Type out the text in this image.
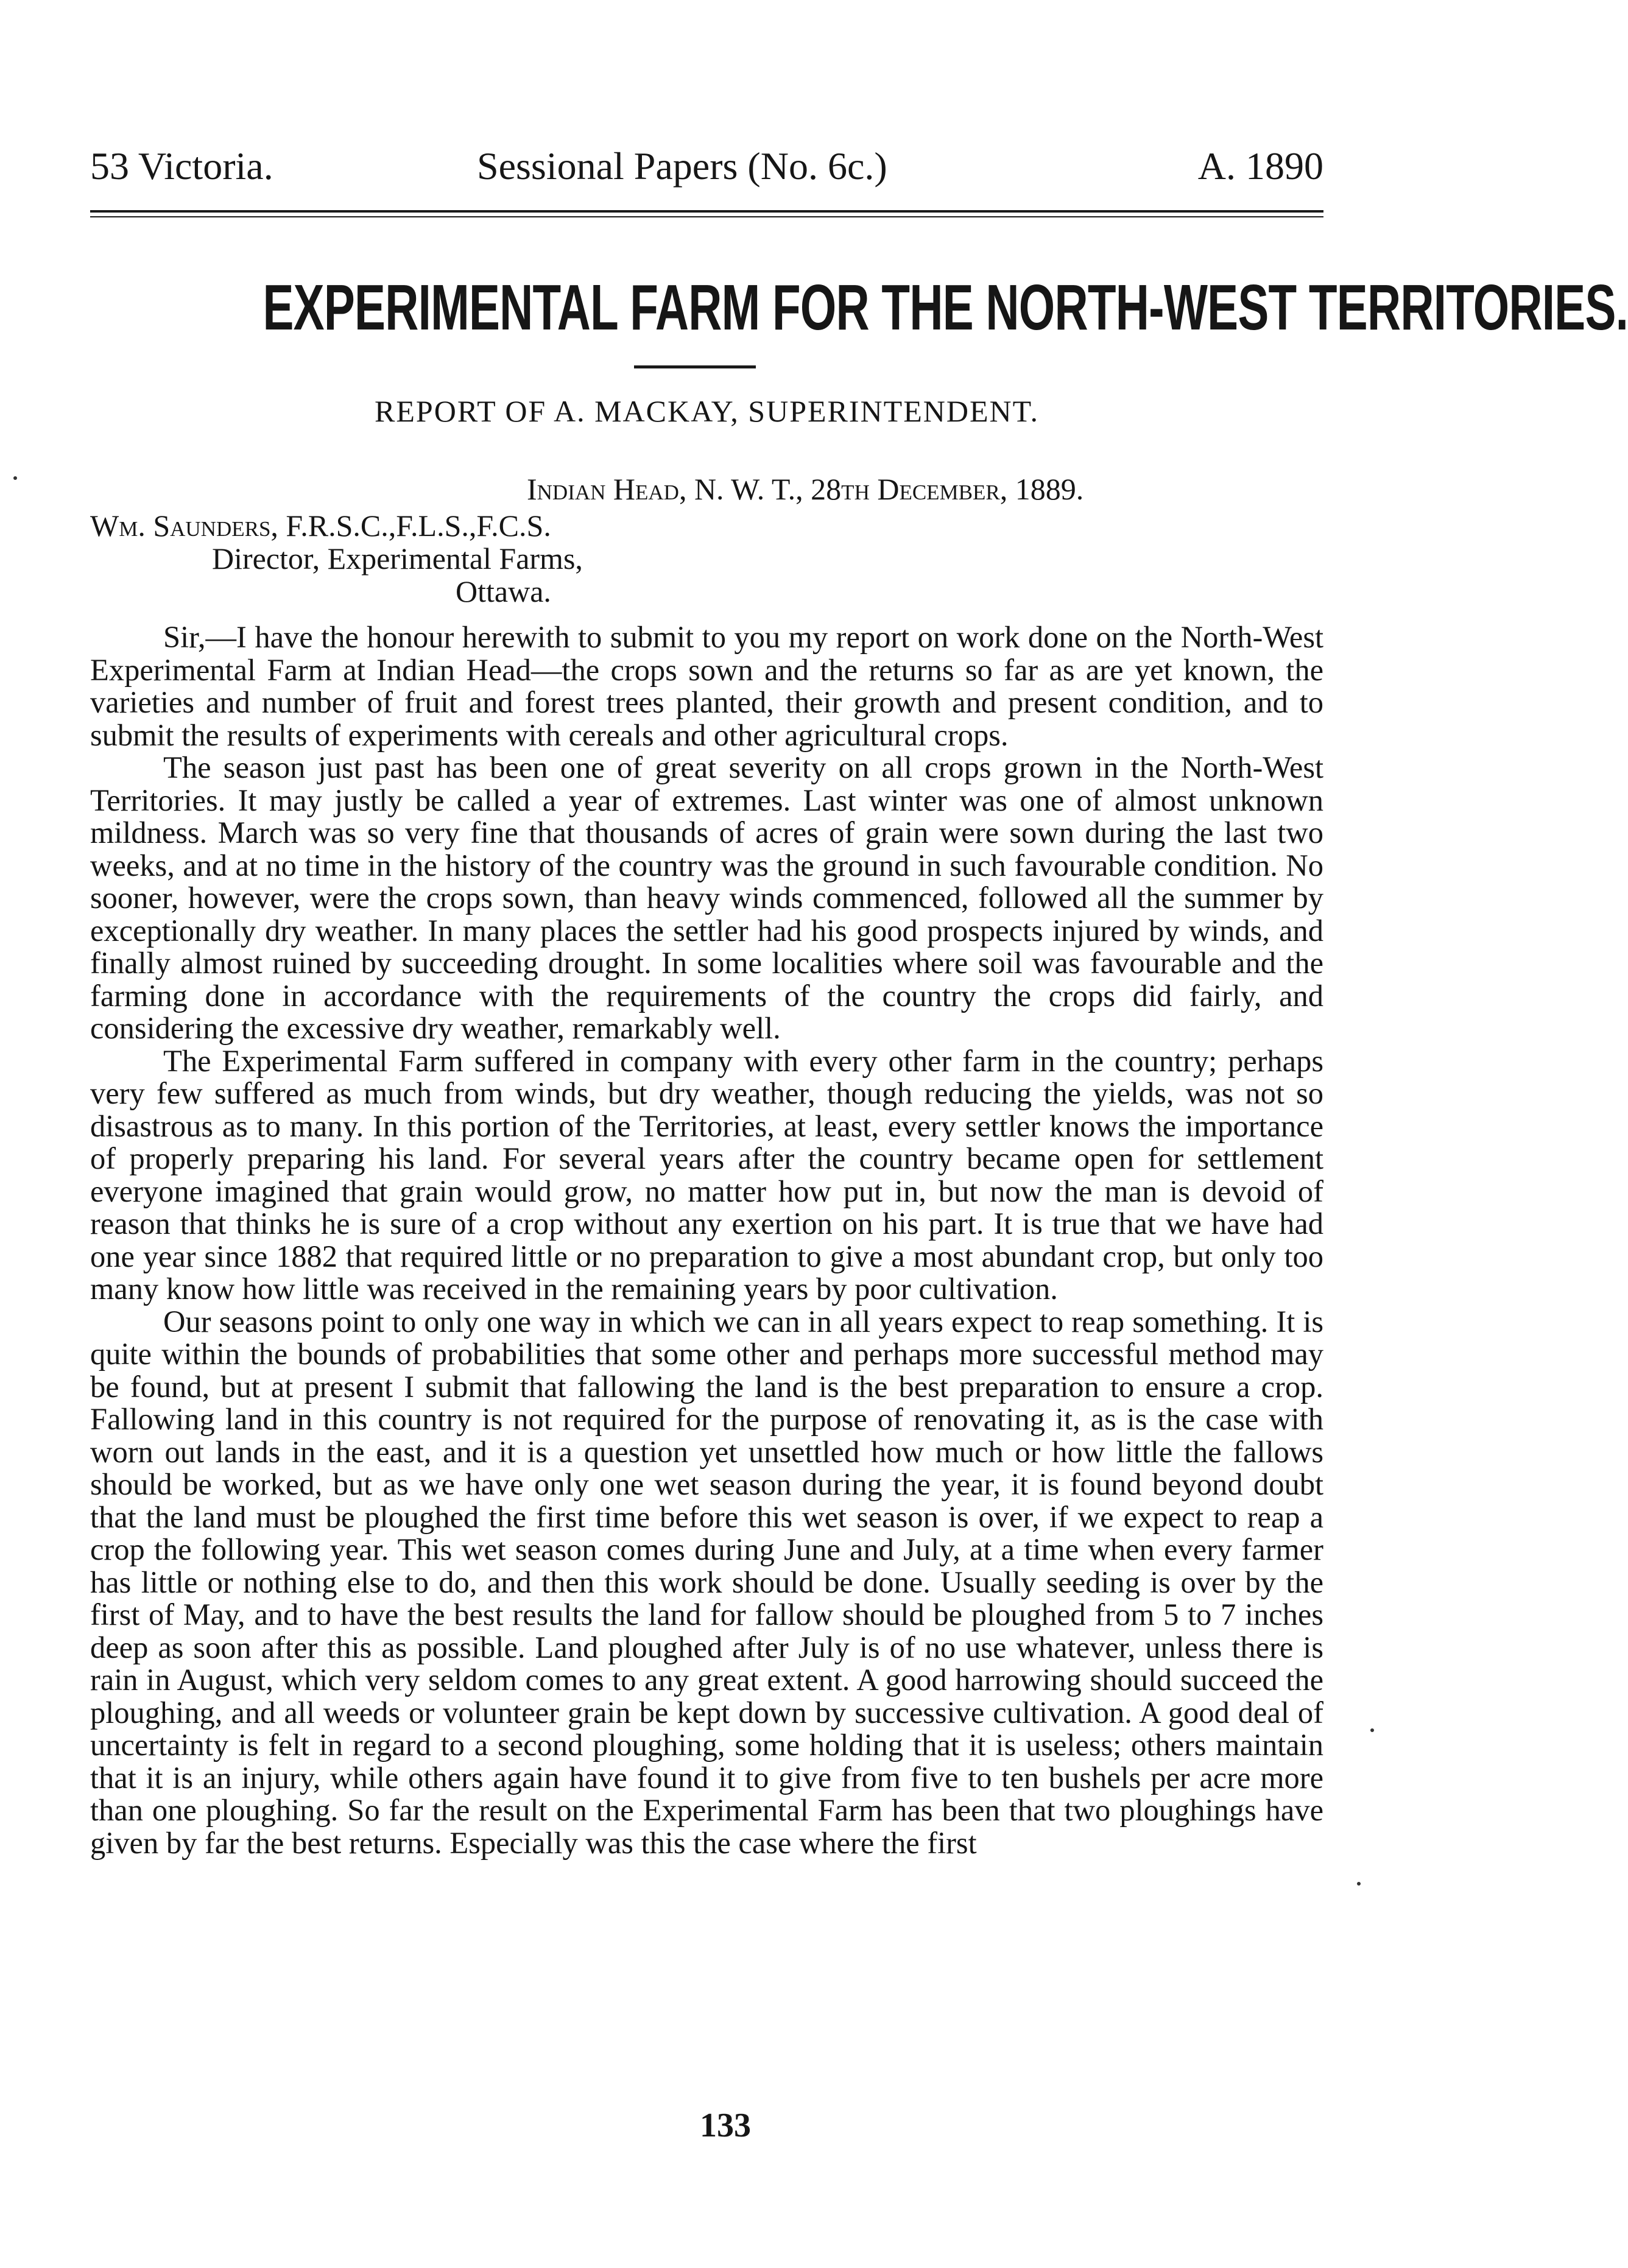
53 Victoria.	Sessional Papers (No. 6c.)	A. 1890
EXPERIMENTAL FARM FOR THE NORTH-WEST TERRITORIES.
REPORT OF A. MACKAY, SUPERINTENDENT.
Indian Head, N. W. T., 28th December, 1889.
Wm. Saunders, F.R.S.C.,F.L.S.,F.C.S.
Director, Experimental Farms,
Ottawa.

Sir,—I have the honour herewith to submit to you my report on work done on the North-West Experimental Farm at Indian Head—the crops sown and the returns so far as are yet known, the varieties and number of fruit and forest trees planted, their growth and present condition, and to submit the results of experiments with cereals and other agricultural crops.

The season just past has been one of great severity on all crops grown in the North-West Territories. It may justly be called a year of extremes. Last winter was one of almost unknown mildness. March was so very fine that thousands of acres of grain were sown during the last two weeks, and at no time in the history of the country was the ground in such favourable condition. No sooner, however, were the crops sown, than heavy winds commenced, followed all the summer by exceptionally dry weather. In many places the settler had his good prospects injured by winds, and finally almost ruined by succeeding drought. In some localities where soil was favourable and the farming done in accordance with the requirements of the country the crops did fairly, and considering the excessive dry weather, remarkably well.

The Experimental Farm suffered in company with every other farm in the country; perhaps very few suffered as much from winds, but dry weather, though reducing the yields, was not so disastrous as to many. In this portion of the Territories, at least, every settler knows the importance of properly preparing his land. For several years after the country became open for settlement everyone imagined that grain would grow, no matter how put in, but now the man is devoid of reason that thinks he is sure of a crop without any exertion on his part. It is true that we have had one year since 1882 that required little or no preparation to give a most abundant crop, but only too many know how little was received in the remaining years by poor cultivation.

Our seasons point to only one way in which we can in all years expect to reap something. It is quite within the bounds of probabilities that some other and perhaps more successful method may be found, but at present I submit that fallowing the land is the best preparation to ensure a crop. Fallowing land in this country is not required for the purpose of renovating it, as is the case with worn out lands in the east, and it is a question yet unsettled how much or how little the fallows should be worked, but as we have only one wet season during the year, it is found beyond doubt that the land must be ploughed the first time before this wet season is over, if we expect to reap a crop the following year. This wet season comes during June and July, at a time when every farmer has little or nothing else to do, and then this work should be done. Usually seeding is over by the first of May, and to have the best results the land for fallow should be ploughed from 5 to 7 inches deep as soon after this as possible. Land ploughed after July is of no use whatever, unless there is rain in August, which very seldom comes to any great extent. A good harrowing should succeed the ploughing, and all weeds or volunteer grain be kept down by successive cultivation. A good deal of uncertainty is felt in regard to a second ploughing, some holding that it is useless; others maintain that it is an injury, while others again have found it to give from five to ten bushels per acre more than one ploughing. So far the result on the Experimental Farm has been that two ploughings have given by far the best returns. Especially was this the case where the first

133
